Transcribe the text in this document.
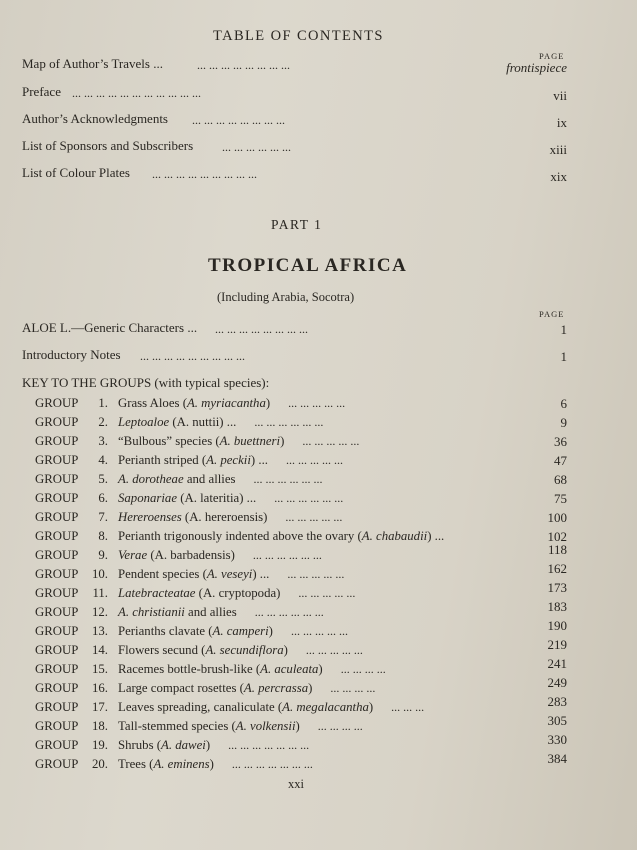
TABLE OF CONTENTS
PAGE
Map of Author’s Travels ...	... ... ... ... ... ... ... ...	frontispiece
Preface ... ... ... ... ... ... ... ... ... ... ...	vii
Author’s Acknowledgments ... ... ... ... ... ... ... ...	ix
List of Sponsors and Subscribers ... ... ... ... ... ...	xiii
List of Colour Plates ... ... ... ... ... ... ... ... ...	xix
PART 1
TROPICAL AFRICA
(Including Arabia, Socotra)
PAGE
ALOE L.—Generic Characters ... ... ... ... ... ... ... ... ...	1
Introductory Notes ... ... ... ... ... ... ... ... ...	1
KEY TO THE GROUPS (with typical species):
GROUP	1. Grass Aloes (A. myriacantha) ... ... ... ... ...	6
GROUP	2. Leptoaloe (A. nuttii) ... ... ... ... ... ... ...	9
GROUP	3. “Bulbous” species (A. buettneri) ... ... ... ... ...	36
GROUP	4. Perianth striped (A. peckii) ... ... ... ... ... ...	47
GROUP	5. A. dorotheae and allies ... ... ... ... ... ...	68
GROUP	6. Saponariae (A. lateritia) ... ... ... ... ... ... ...	75
GROUP	7. Hereroenses (A. hereroensis) ... ... ... ... ...	100
GROUP	8. Perianth trigonously indented above the ovary (A. chabaudii) ...	102
GROUP	9. Verae (A. barbadensis) ... ... ... ... ... ...	118
GROUP	10. Pendent species (A. veseyi) ... ... ... ... ... ...	162
GROUP	11. Latebracteatae (A. cryptopoda) ... ... ... ... ...	173
GROUP	12. A. christianii and allies ... ... ... ... ... ...	183
GROUP	13. Perianths clavate (A. camperi) ... ... ... ... ...	190
GROUP	14. Flowers secund (A. secundiflora) ... ... ... ... ...	219
GROUP	15. Racemes bottle-brush-like (A. aculeata) ... ... ... ...	241
GROUP	16. Large compact rosettes (A. percrassa) ... ... ... ...	249
GROUP	17. Leaves spreading, canaliculate (A. megalacantha) ... ... ...	283
GROUP	18. Tall-stemmed species (A. volkensii) ... ... ... ...	305
GROUP	19. Shrubs (A. dawei) ... ... ... ... ... ... ...	330
GROUP	20. Trees (A. eminens) ... ... ... ... ... ... ...	384
xxi
